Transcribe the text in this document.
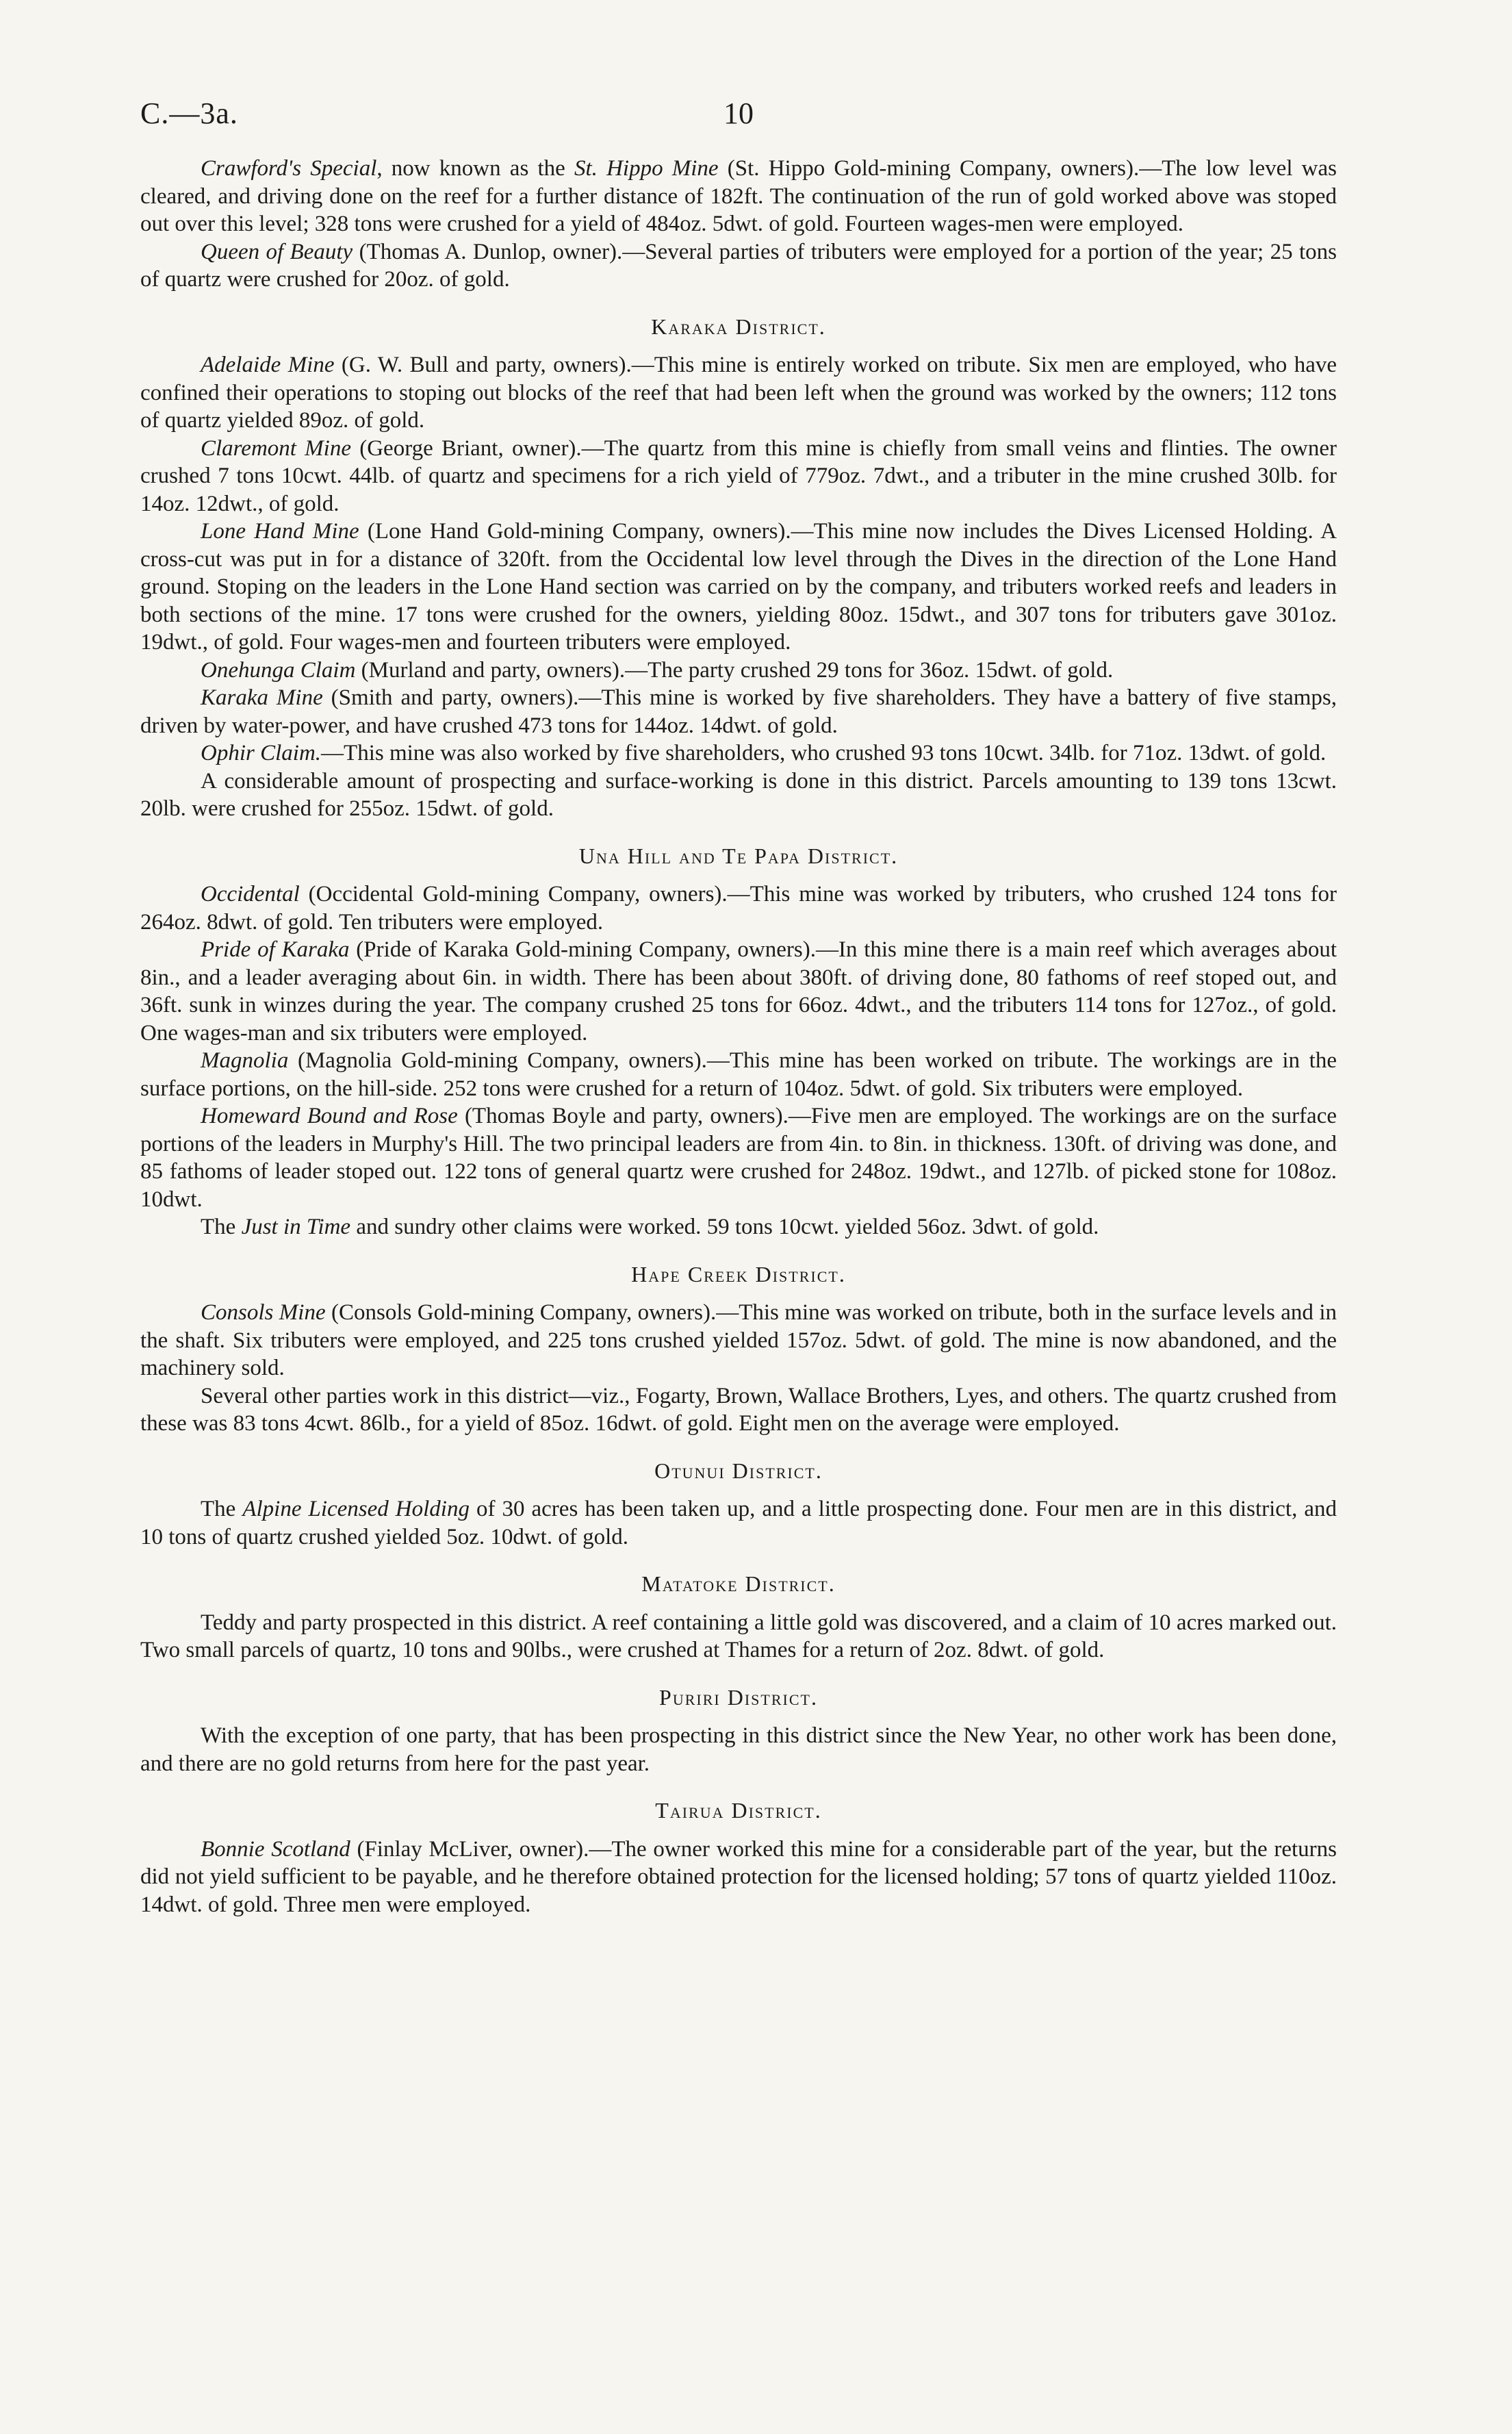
C.—3a.	10

Crawford's Special, now known as the St. Hippo Mine (St. Hippo Gold-mining Company, owners).—The low level was cleared, and driving done on the reef for a further distance of 182ft. The continuation of the run of gold worked above was stoped out over this level; 328 tons were crushed for a yield of 484oz. 5dwt. of gold. Fourteen wages-men were employed.

Queen of Beauty (Thomas A. Dunlop, owner).—Several parties of tributers were employed for a portion of the year; 25 tons of quartz were crushed for 20oz. of gold.

Karaka District.

Adelaide Mine (G. W. Bull and party, owners).—This mine is entirely worked on tribute. Six men are employed, who have confined their operations to stoping out blocks of the reef that had been left when the ground was worked by the owners; 112 tons of quartz yielded 89oz. of gold.

Claremont Mine (George Briant, owner).—The quartz from this mine is chiefly from small veins and flinties. The owner crushed 7 tons 10cwt. 44lb. of quartz and specimens for a rich yield of 779oz. 7dwt., and a tributer in the mine crushed 30lb. for 14oz. 12dwt., of gold.

Lone Hand Mine (Lone Hand Gold-mining Company, owners).—This mine now includes the Dives Licensed Holding. A cross-cut was put in for a distance of 320ft. from the Occidental low level through the Dives in the direction of the Lone Hand ground. Stoping on the leaders in the Lone Hand section was carried on by the company, and tributers worked reefs and leaders in both sections of the mine. 17 tons were crushed for the owners, yielding 80oz. 15dwt., and 307 tons for tributers gave 301oz. 19dwt., of gold. Four wages-men and fourteen tributers were employed.

Onehunga Claim (Murland and party, owners).—The party crushed 29 tons for 36oz. 15dwt. of gold.

Karaka Mine (Smith and party, owners).—This mine is worked by five shareholders. They have a battery of five stamps, driven by water-power, and have crushed 473 tons for 144oz. 14dwt. of gold.

Ophir Claim.—This mine was also worked by five shareholders, who crushed 93 tons 10cwt. 34lb. for 71oz. 13dwt. of gold.

A considerable amount of prospecting and surface-working is done in this district. Parcels amounting to 139 tons 13cwt. 20lb. were crushed for 255oz. 15dwt. of gold.

Una Hill and Te Papa District.

Occidental (Occidental Gold-mining Company, owners).—This mine was worked by tributers, who crushed 124 tons for 264oz. 8dwt. of gold. Ten tributers were employed.

Pride of Karaka (Pride of Karaka Gold-mining Company, owners).—In this mine there is a main reef which averages about 8in., and a leader averaging about 6in. in width. There has been about 380ft. of driving done, 80 fathoms of reef stoped out, and 36ft. sunk in winzes during the year. The company crushed 25 tons for 66oz. 4dwt., and the tributers 114 tons for 127oz., of gold. One wages-man and six tributers were employed.

Magnolia (Magnolia Gold-mining Company, owners).—This mine has been worked on tribute. The workings are in the surface portions, on the hill-side. 252 tons were crushed for a return of 104oz. 5dwt. of gold. Six tributers were employed.

Homeward Bound and Rose (Thomas Boyle and party, owners).—Five men are employed. The workings are on the surface portions of the leaders in Murphy's Hill. The two principal leaders are from 4in. to 8in. in thickness. 130ft. of driving was done, and 85 fathoms of leader stoped out. 122 tons of general quartz were crushed for 248oz. 19dwt., and 127lb. of picked stone for 108oz. 10dwt.

The Just in Time and sundry other claims were worked. 59 tons 10cwt. yielded 56oz. 3dwt. of gold.

Hape Creek District.

Consols Mine (Consols Gold-mining Company, owners).—This mine was worked on tribute, both in the surface levels and in the shaft. Six tributers were employed, and 225 tons crushed yielded 157oz. 5dwt. of gold. The mine is now abandoned, and the machinery sold.

Several other parties work in this district—viz., Fogarty, Brown, Wallace Brothers, Lyes, and others. The quartz crushed from these was 83 tons 4cwt. 86lb., for a yield of 85oz. 16dwt. of gold. Eight men on the average were employed.

Otunui District.

The Alpine Licensed Holding of 30 acres has been taken up, and a little prospecting done. Four men are in this district, and 10 tons of quartz crushed yielded 5oz. 10dwt. of gold.

Matatoke District.

Teddy and party prospected in this district. A reef containing a little gold was discovered, and a claim of 10 acres marked out. Two small parcels of quartz, 10 tons and 90lbs., were crushed at Thames for a return of 2oz. 8dwt. of gold.

Puriri District.

With the exception of one party, that has been prospecting in this district since the New Year, no other work has been done, and there are no gold returns from here for the past year.

Tairua District.

Bonnie Scotland (Finlay McLiver, owner).—The owner worked this mine for a considerable part of the year, but the returns did not yield sufficient to be payable, and he therefore obtained protection for the licensed holding; 57 tons of quartz yielded 110oz. 14dwt. of gold. Three men were employed.
